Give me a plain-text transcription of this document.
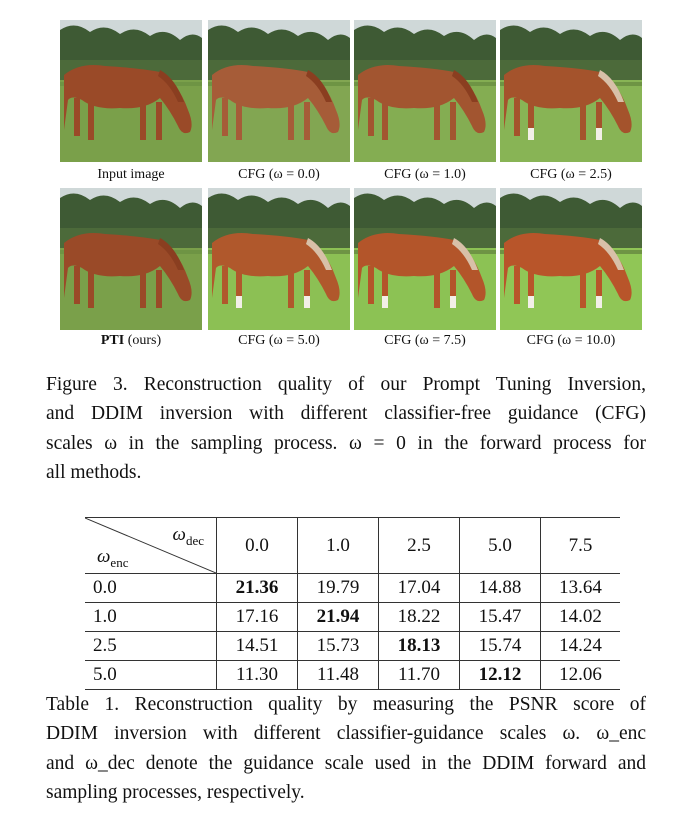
Input image	CFG (ω = 0.0)	CFG (ω = 1.0)	CFG (ω = 2.5)
PTI (ours)	CFG (ω = 5.0)	CFG (ω = 7.5)	CFG (ω = 10.0)
Figure 3. Reconstruction quality of our Prompt Tuning Inversion,
and DDIM inversion with different classifier-free guidance (CFG)
scales ω in the sampling process. ω = 0 in the forward process for
all methods.
$\omega_{dec}$
$\omega_{enc}$	0.0	1.0	2.5	5.0	7.5
0.0	21.36	19.79	17.04	14.88	13.64
1.0	17.16	21.94	18.22	15.47	14.02
2.5	14.51	15.73	18.13	15.74	14.24
5.0	11.30	11.48	11.70	12.12	12.06
Table 1. Reconstruction quality by measuring the PSNR score of
DDIM inversion with different classifier-guidance scales ω. ω_enc
and ω_dec denote the guidance scale used in the DDIM forward and
sampling processes, respectively.
